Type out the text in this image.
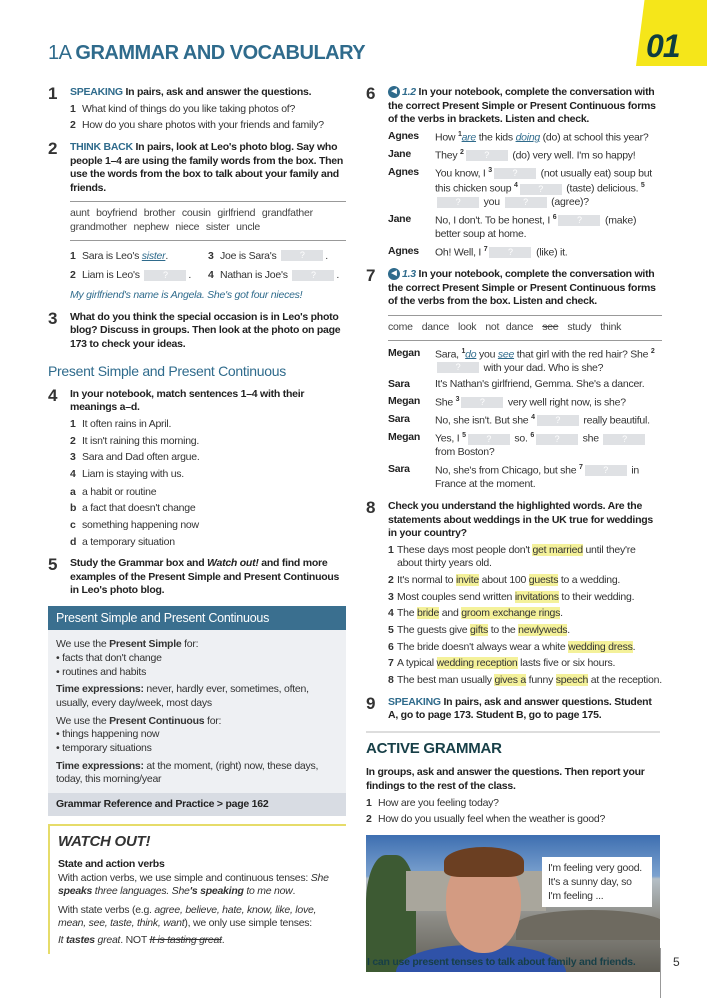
01
1A GRAMMAR AND VOCABULARY
1 SPEAKING In pairs, ask and answer the questions.
1 What kind of things do you like taking photos of?
2 How do you share photos with your friends and family?
2 THINK BACK In pairs, look at Leo's photo blog. Say who people 1–4 are using the family words from the box. Then use the words from the box to talk about your family and friends.
aunt boyfriend brother cousin girlfriend grandfather grandmother nephew niece sister uncle
1 Sara is Leo's sister.	3 Joe is Sara's ? .
2 Liam is Leo's ? . 4 Nathan is Joe's ? .
My girlfriend's name is Angela. She's got four nieces!
3 What do you think the special occasion is in Leo's photo blog? Discuss in groups. Then look at the photo on page 173 to check your ideas.
Present Simple and Present Continuous
4 In your notebook, match sentences 1–4 with their meanings a–d.
1 It often rains in April.
2 It isn't raining this morning.
3 Sara and Dad often argue.
4 Liam is staying with us.
a a habit or routine
b a fact that doesn't change
c something happening now
d a temporary situation
5 Study the Grammar box and Watch out! and find more examples of the Present Simple and Present Continuous in Leo's photo blog.
Present Simple and Present Continuous

We use the Present Simple for:

• facts that don't change
• routines and habits

Time expressions: never, hardly ever, sometimes, often, usually, every day/week, most days

We use the Present Continuous for:

• things happening now
• temporary situations

Time expressions: at the moment, (right) now, these days, today, this morning/year

Grammar Reference and Practice > page 162
WATCH OUT!
State and action verbs
With action verbs, we use simple and continuous tenses: She speaks three languages. She's speaking to me now.
With state verbs (e.g. agree, believe, hate, know, like, love, mean, see, taste, think, want), we only use simple tenses:
It tastes great. NOT It is tasting great.
6	◀ 1.2 In your notebook, complete the conversation with the correct Present Simple or Present Continuous forms of the verbs in brackets. Listen and check.
Agnes	How $^1$are the kids doing (do) at school this year?
Jane	They $^2$ ? (do) very well. I'm so happy!
Agnes	You know, I $^3$ ? (not usually eat) soup but this chicken soup $^4$ ? (taste) delicious. $^5$? you ? (agree)?
Jane	No, I don't. To be honest, I $^6$ ? (make) better soup at home.
Agnes	Oh! Well, I $^7$ ? (like) it.
7	◀ 1.3 In your notebook, complete the conversation with the correct Present Simple or Present Continuous forms of the verbs from the box. Listen and check.
come dance look not dance see study think
Megan	Sara, $^1$do you see that girl with the red hair? She $^2$? with your dad. Who is she?
Sara	It's Nathan's girlfriend, Gemma. She's a dancer.
Megan	She $^3$ ? very well right now, is she?
Sara	No, she isn't. But she $^4$ ? really beautiful.
Megan	Yes, I $^5$ ? so. $^6$ ? she ? from Boston?
Sara	No, she's from Chicago, but she $^7$ ? in France at the moment.
8 Check you understand the highlighted words. Are the statements about weddings in the UK true for weddings in your country?
1 These days most people don't get married until they're about thirty years old.
2 It's normal to invite about 100 guests to a wedding.
3 Most couples send written invitations to their wedding.
4 The bride and groom exchange rings.
5 The guests give gifts to the newlyweds.
6 The bride doesn't always wear a white wedding dress.
7 A typical wedding reception lasts five or six hours.
8 The best man usually gives a funny speech at the reception.
9 SPEAKING In pairs, ask and answer questions. Student A, go to page 173. Student B, go to page 175.
ACTIVE GRAMMAR
In groups, ask and answer the questions. Then report your findings to the rest of the class.
1 How are you feeling today?
2 How do you usually feel when the weather is good?
I'm feeling very good. It's a sunny day, so I'm feeling ...
I can use present tenses to talk about family and friends.	5
